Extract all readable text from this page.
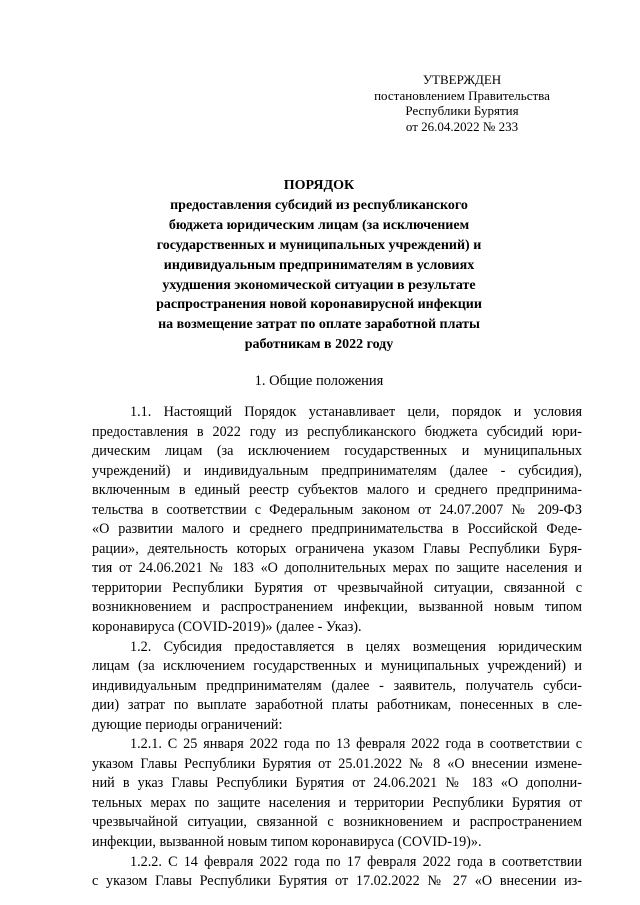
УТВЕРЖДЕН
постановлением Правительства
Республики Бурятия
от 26.04.2022 № 233
ПОРЯДОК
предоставления субсидий из республиканского
бюджета юридическим лицам (за исключением
государственных и муниципальных учреждений) и
индивидуальным предпринимателям в условиях
ухудшения экономической ситуации в результате
распространения новой коронавирусной инфекции
на возмещение затрат по оплате заработной платы
работникам в 2022 году
1. Общие положения
1.1. Настоящий Порядок устанавливает цели, порядок и условия
предоставления в 2022 году из республиканского бюджета субсидий юри-
дическим лицам (за исключением государственных и муниципальных
учреждений) и индивидуальным предпринимателям (далее - субсидия),
включенным в единый реестр субъектов малого и среднего предпринима-
тельства в соответствии с Федеральным законом от 24.07.2007 № 209-ФЗ
«О развитии малого и среднего предпринимательства в Российской Феде-
рации», деятельность которых ограничена указом Главы Республики Буря-
тия от 24.06.2021 № 183 «О дополнительных мерах по защите населения и
территории Республики Бурятия от чрезвычайной ситуации, связанной с
возникновением и распространением инфекции, вызванной новым типом
коронавируса (COVID-2019)» (далее - Указ).
1.2. Субсидия предоставляется в целях возмещения юридическим
лицам (за исключением государственных и муниципальных учреждений) и
индивидуальным предпринимателям (далее - заявитель, получатель субси-
дии) затрат по выплате заработной платы работникам, понесенных в сле-
дующие периоды ограничений:
1.2.1. С 25 января 2022 года по 13 февраля 2022 года в соответствии с
указом Главы Республики Бурятия от 25.01.2022 № 8 «О внесении измене-
ний в указ Главы Республики Бурятия от 24.06.2021 № 183 «О дополни-
тельных мерах по защите населения и территории Республики Бурятия от
чрезвычайной ситуации, связанной с возникновением и распространением
инфекции, вызванной новым типом коронавируса (COVID-19)».
1.2.2. С 14 февраля 2022 года по 17 февраля 2022 года в соответствии
с указом Главы Республики Бурятия от 17.02.2022 № 27 «О внесении из-
